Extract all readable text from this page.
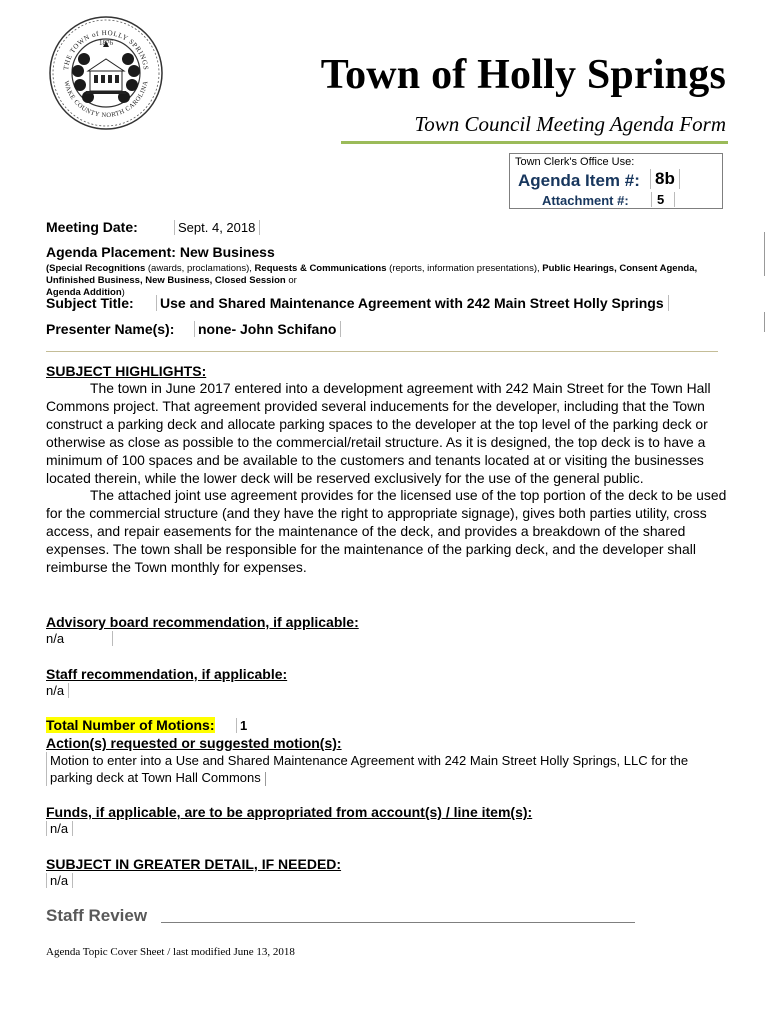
THE TOWN of HOLLY SPRINGS
1876
WAKE COUNTY NORTH CAROLINA	Town of Holly Springs
Town Council Meeting Agenda Form
Town Clerk's Office Use:
Agenda Item #: 8b
Attachment #:	5
Meeting Date:	Sept. 4, 2018
Agenda Placement: New Business
(Special Recognitions (awards, proclamations), Requests & Communications (reports, information presentations), Public Hearings, Consent Agenda, Unfinished Business, New Business, Closed Session or
Agenda Addition)
Subject Title: Use and Shared Maintenance Agreement with 242 Main Street Holly Springs
Presenter Name(s): none- John Schifano
SUBJECT HIGHLIGHTS:

The town in June 2017 entered into a development agreement with 242 Main Street for the Town Hall Commons project. That agreement provided several inducements for the developer, including that the Town construct a parking deck and allocate parking spaces to the developer at the top level of the parking deck or otherwise as close as possible to the commercial/retail structure. As it is designed, the top deck is to have a minimum of 100 spaces and be available to the customers and tenants located at or visiting the businesses located therein, while the lower deck will be reserved exclusively for the use of the general public.

The attached joint use agreement provides for the licensed use of the top portion of the deck to be used for the commercial structure (and they have the right to appropriate signage), gives both parties utility, cross access, and repair easements for the maintenance of the deck, and provides a breakdown of the shared expenses. The town shall be responsible for the maintenance of the parking deck, and the developer shall reimburse the Town monthly for expenses.

Advisory board recommendation, if applicable:
n/a
Staff recommendation, if applicable:
n/a
Total Number of Motions:	1
Action(s) requested or suggested motion(s):
Motion to enter into a Use and Shared Maintenance Agreement with 242 Main Street Holly Springs, LLC for the parking deck at Town Hall Commons
Funds, if applicable, are to be appropriated from account(s) / line item(s):
n/a
SUBJECT IN GREATER DETAIL, IF NEEDED:
n/a
Staff Review
Agenda Topic Cover Sheet / last modified June 13, 2018
